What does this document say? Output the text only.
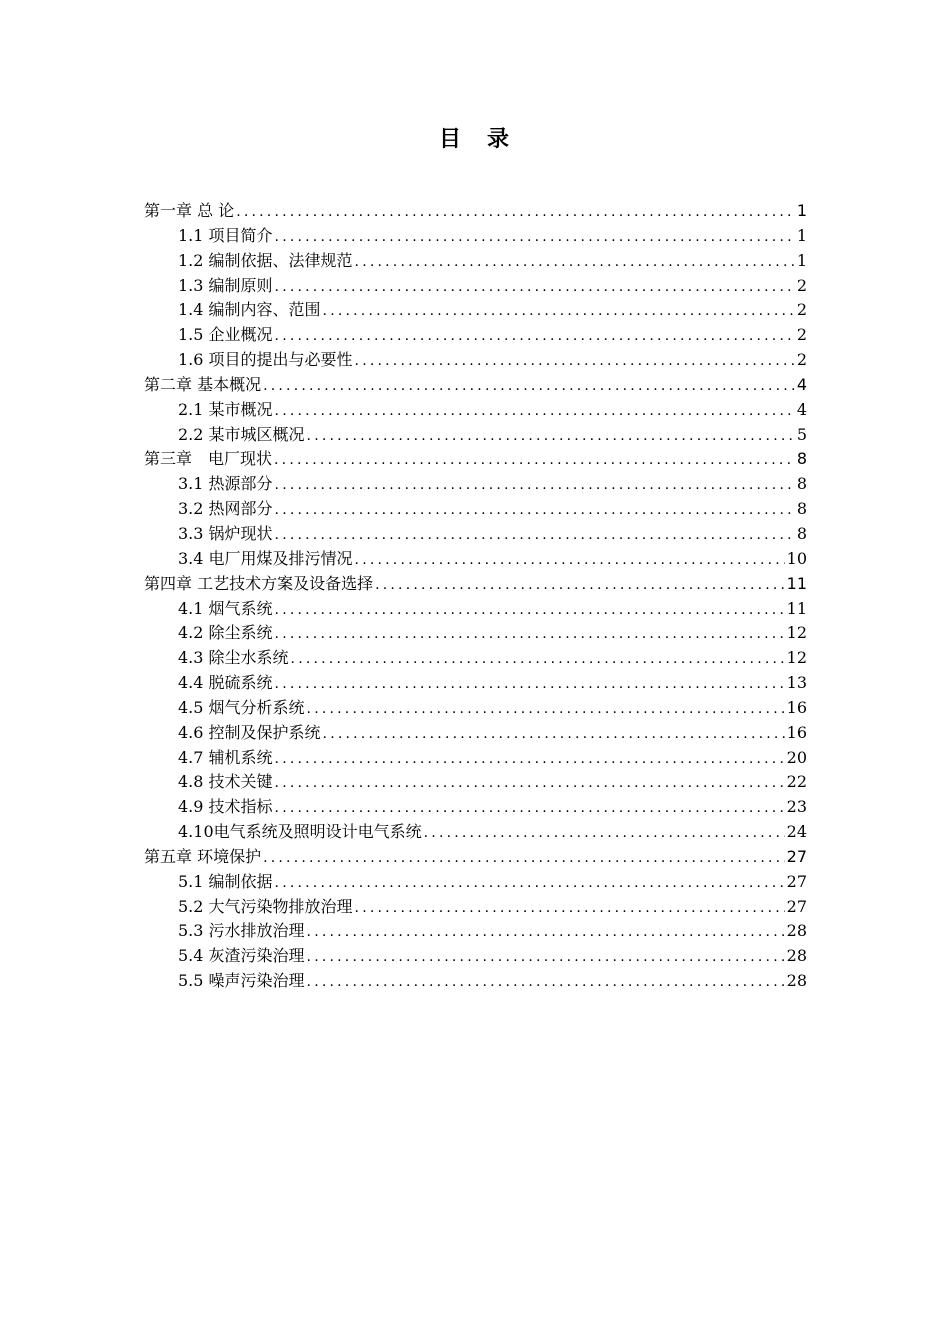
目　录
第一章 总 论 .....	1
1.1 项目简介 .....	1
1.2 编制依据、法律规范 .....	1
1.3 编制原则 .....	2
1.4 编制内容、范围 .....	2
1.5 企业概况 .....	2
1.6 项目的提出与必要性 .....	2
第二章 基本概况 .....	4
2.1 某市概况 .....	4
2.2 某市城区概况 .....	5
第三章　电厂现状 .....	8
3.1 热源部分 .....	8
3.2 热网部分 .....	8
3.3 锅炉现状 .....	8
3.4 电厂用煤及排污情况 .....	10
第四章 工艺技术方案及设备选择 .....	11
4.1 烟气系统 .....	11
4.2 除尘系统 .....	12
4.3 除尘水系统 .....	12
4.4 脱硫系统 .....	13
4.5 烟气分析系统 .....	16
4.6 控制及保护系统 .....	16
4.7 辅机系统 .....	20
4.8 技术关键 .....	22
4.9 技术指标 .....	23
4.10电气系统及照明设计电气系统 .....	24
第五章 环境保护 .....	27
5.1 编制依据 .....	27
5.2 大气污染物排放治理 .....	27
5.3 污水排放治理 .....	28
5.4 灰渣污染治理 .....	28
5.5 噪声污染治理 .....	28
